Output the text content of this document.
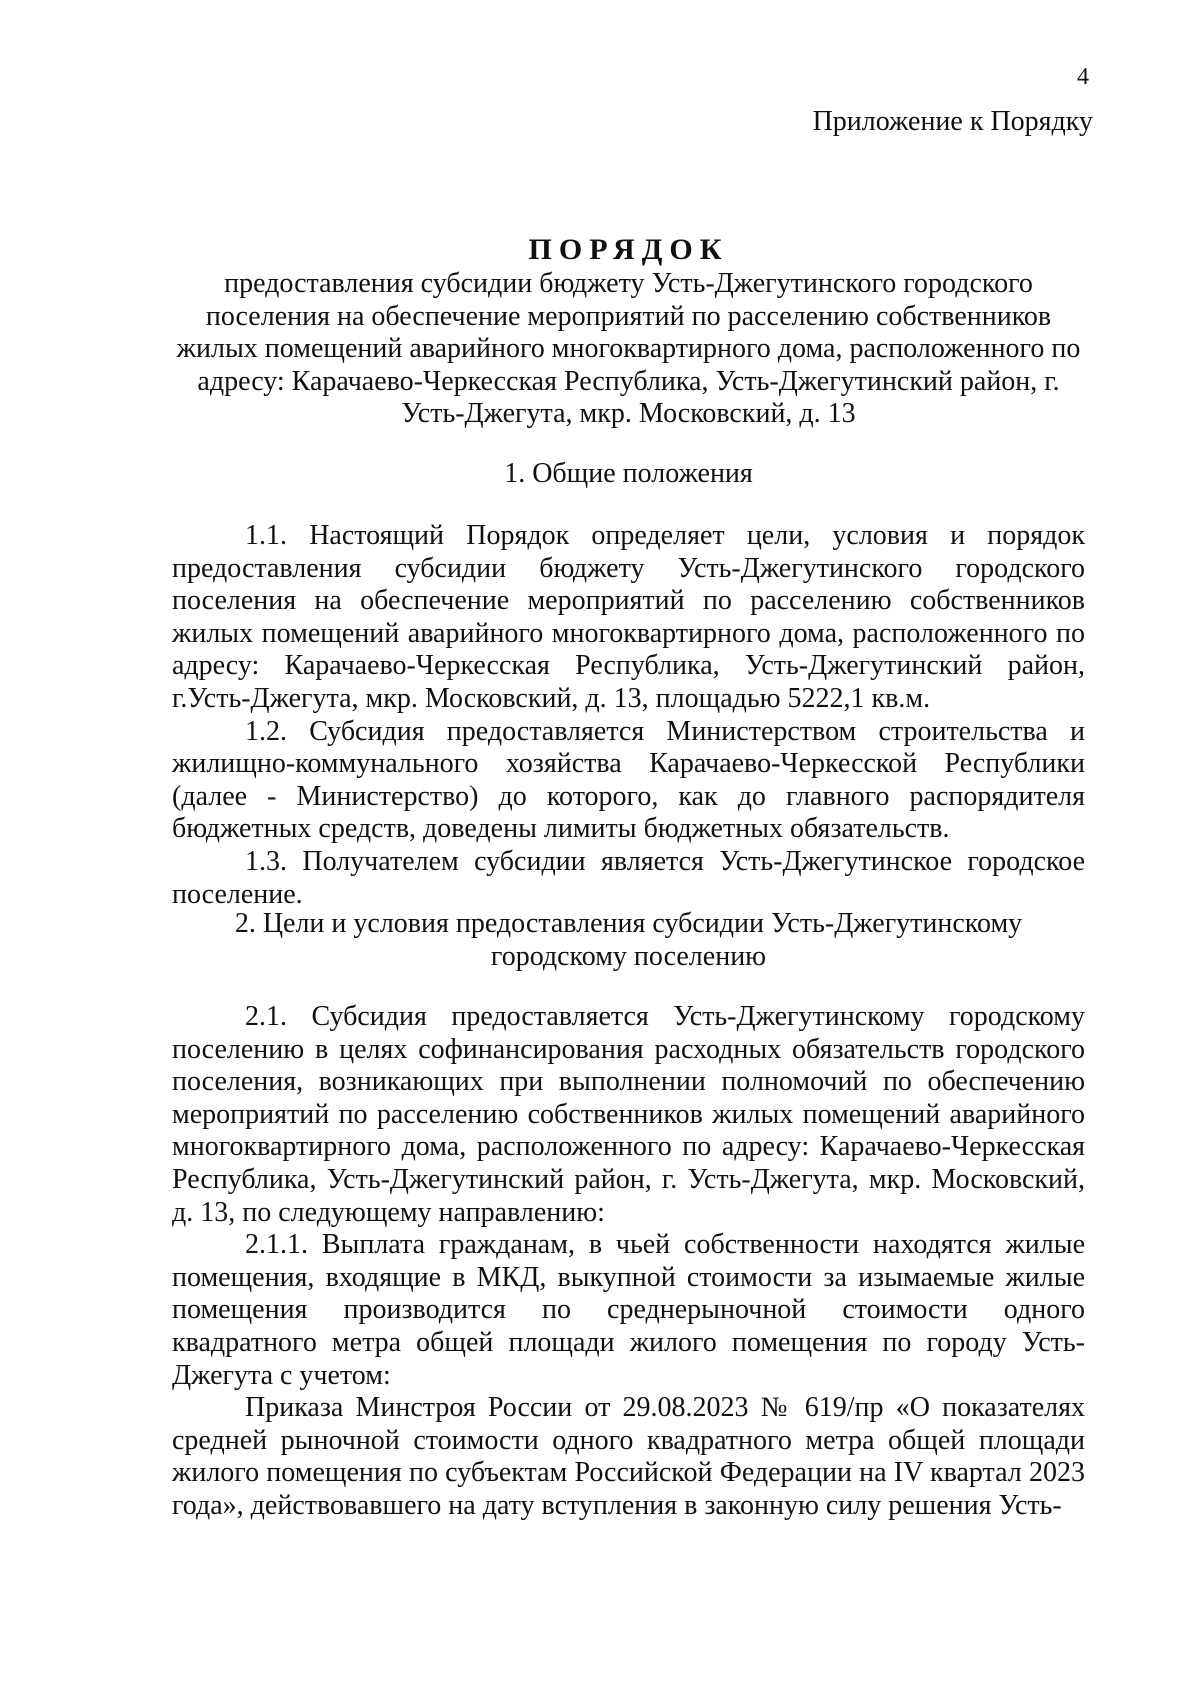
4
Приложение к Порядку

ПОРЯДОК

предоставления субсидии бюджету Усть-Джегутинского городского поселения на обеспечение мероприятий по расселению собственников жилых помещений аварийного многоквартирного дома, расположенного по адресу: Карачаево-Черкесская Республика, Усть-Джегутинский район, г. Усть-Джегута, мкр. Московский, д. 13

1. Общие положения

1.1. Настоящий Порядок определяет цели, условия и порядок предоставления субсидии бюджету Усть-Джегутинского городского поселения на обеспечение мероприятий по расселению собственников жилых помещений аварийного многоквартирного дома, расположенного по адресу: Карачаево-Черкесская Республика, Усть-Джегутинский район, г.Усть-Джегута, мкр. Московский, д. 13, площадью 5222,1 кв.м.

1.2. Субсидия предоставляется Министерством строительства и жилищно-коммунального хозяйства Карачаево-Черкесской Республики (далее - Министерство) до которого, как до главного распорядителя бюджетных средств, доведены лимиты бюджетных обязательств.

1.3. Получателем субсидии является Усть-Джегутинское городское поселение.

2. Цели и условия предоставления субсидии Усть-Джегутинскому городскому поселению

2.1. Субсидия предоставляется Усть-Джегутинскому городскому поселению в целях софинансирования расходных обязательств городского поселения, возникающих при выполнении полномочий по обеспечению мероприятий по расселению собственников жилых помещений аварийного многоквартирного дома, расположенного по адресу: Карачаево-Черкесская Республика, Усть-Джегутинский район, г. Усть-Джегута, мкр. Московский, д. 13, по следующему направлению:

2.1.1. Выплата гражданам, в чьей собственности находятся жилые помещения, входящие в МКД, выкупной стоимости за изымаемые жилые помещения производится по среднерыночной стоимости одного квадратного метра общей площади жилого помещения по городу Усть-Джегута с учетом:

Приказа Минстроя России от 29.08.2023 № 619/пр «О показателях средней рыночной стоимости одного квадратного метра общей площади жилого помещения по субъектам Российской Федерации на IV квартал 2023 года», действовавшего на дату вступления в законную силу решения Усть-
